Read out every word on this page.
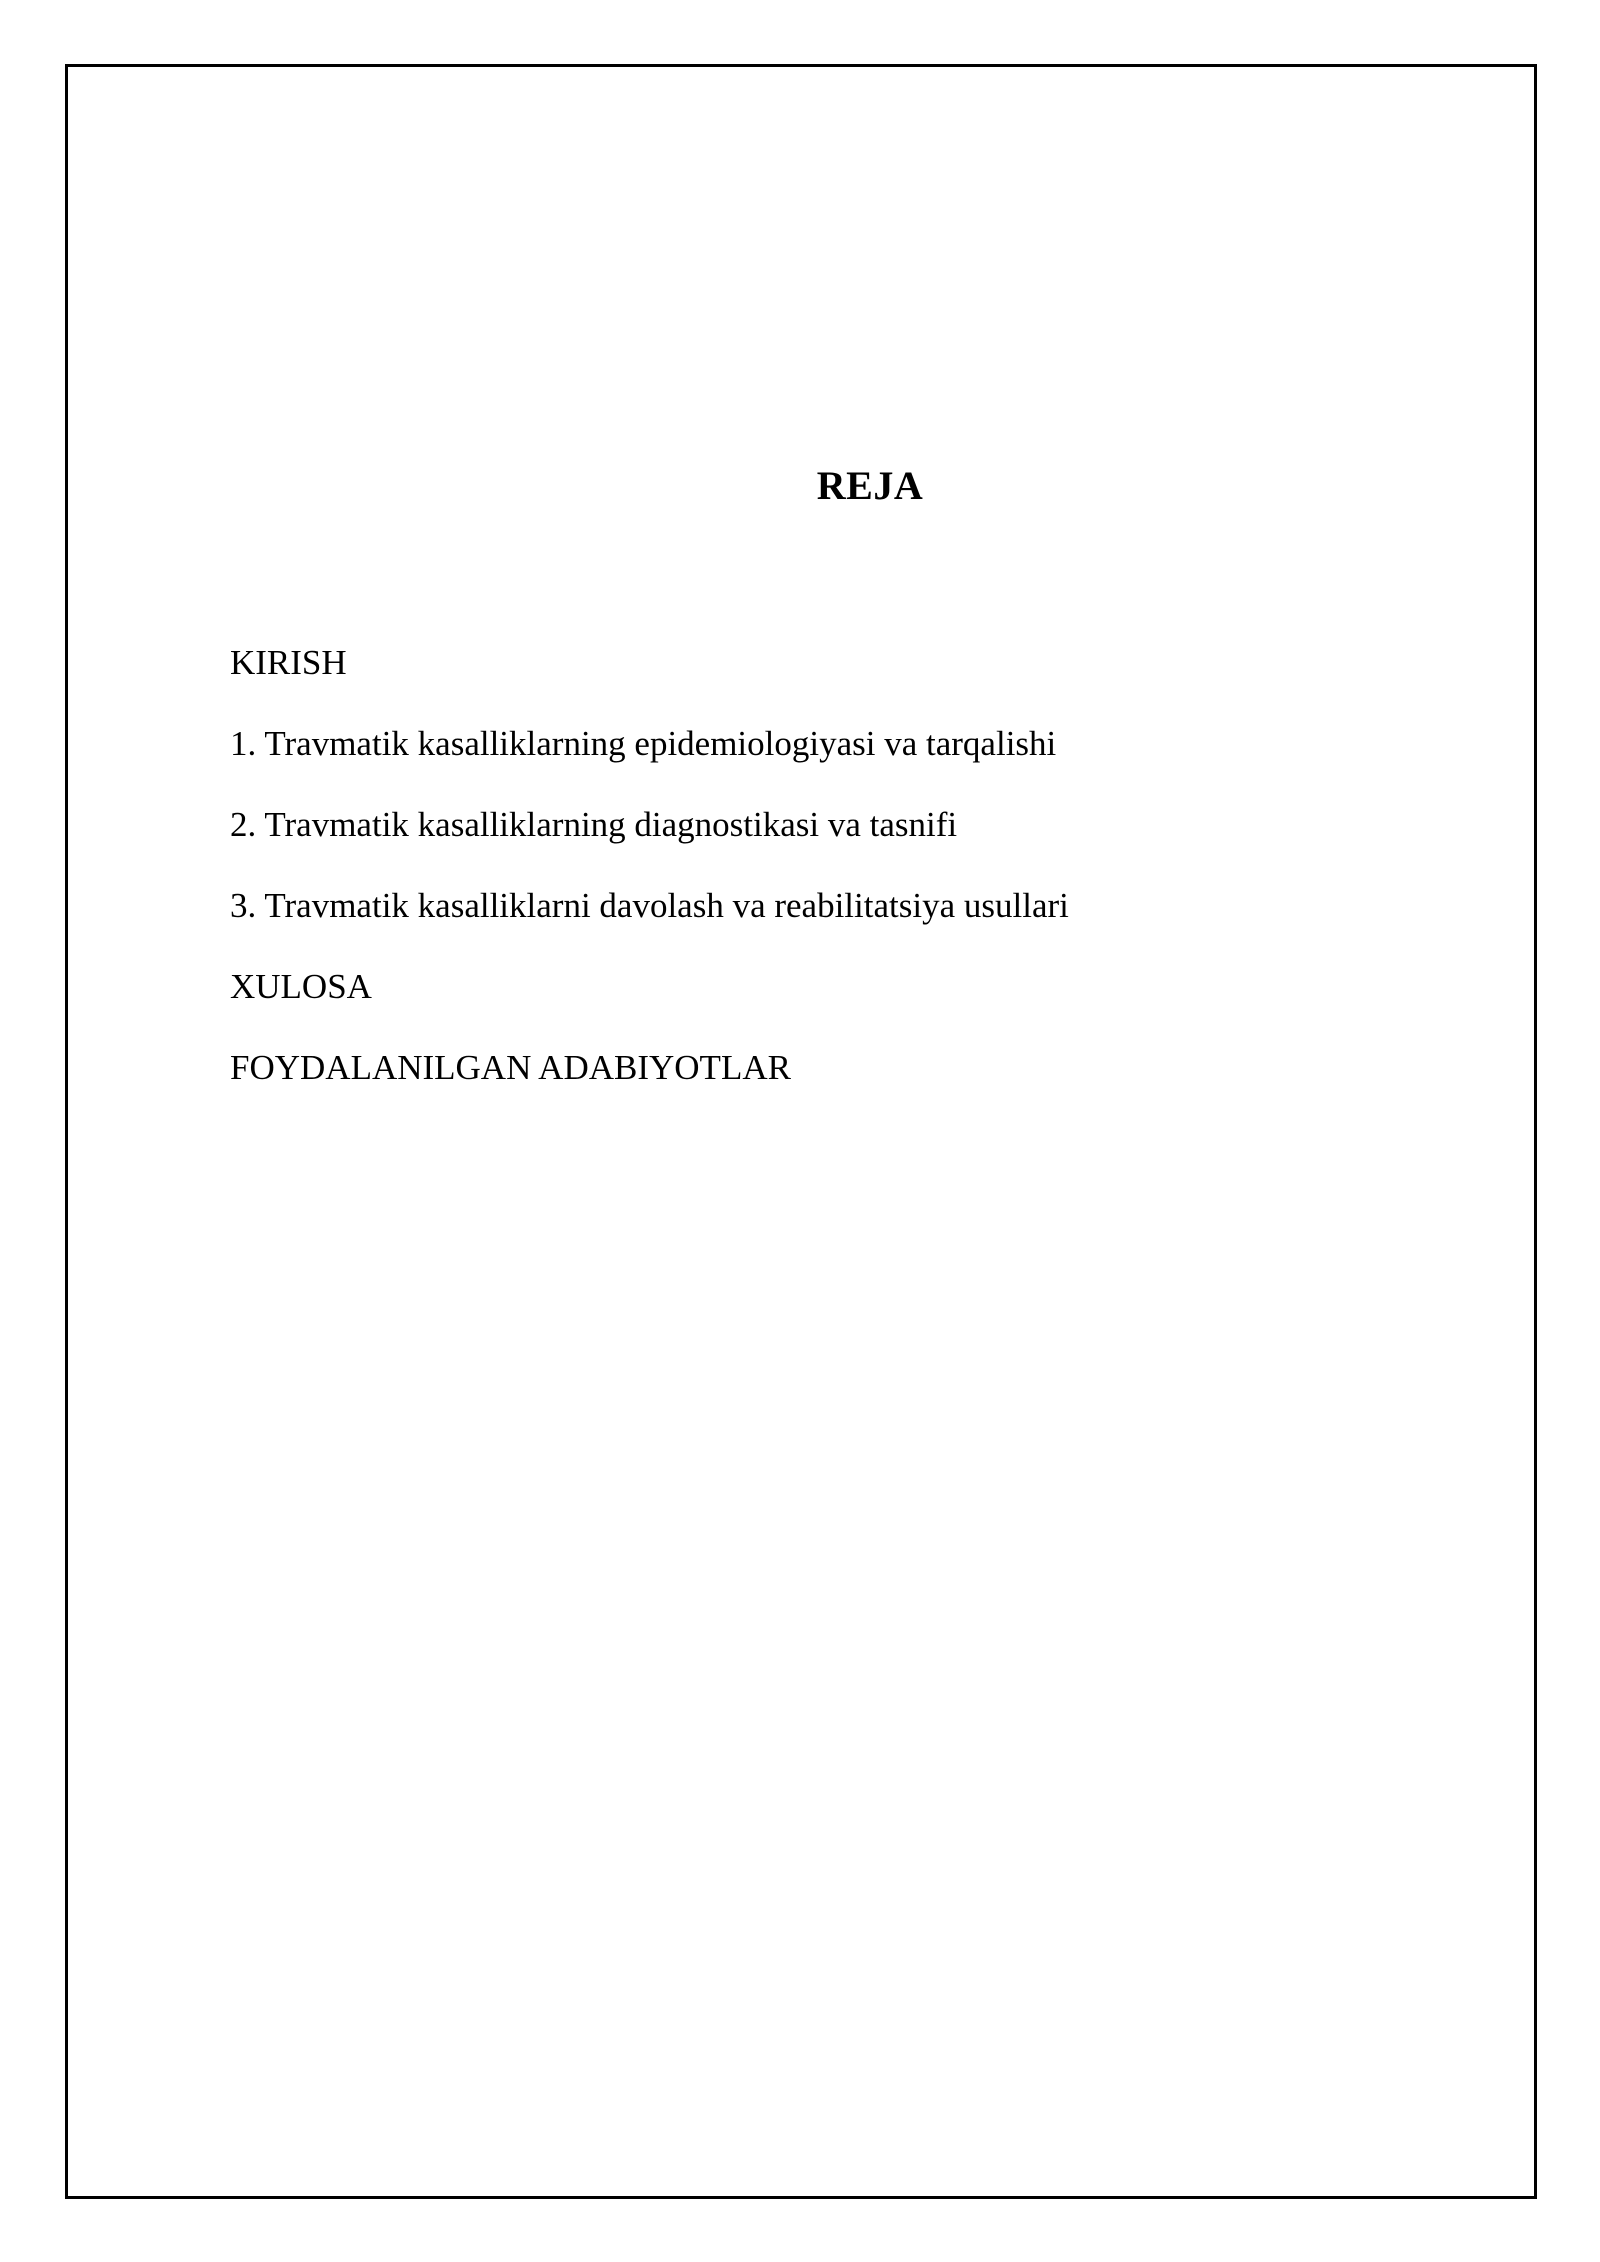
REJA
KIRISH
1. Travmatik kasalliklarning epidemiologiyasi va tarqalishi
2. Travmatik kasalliklarning diagnostikasi va tasnifi
3. Travmatik kasalliklarni davolash va reabilitatsiya usullari
XULOSA
FOYDALANILGAN ADABIYOTLAR
